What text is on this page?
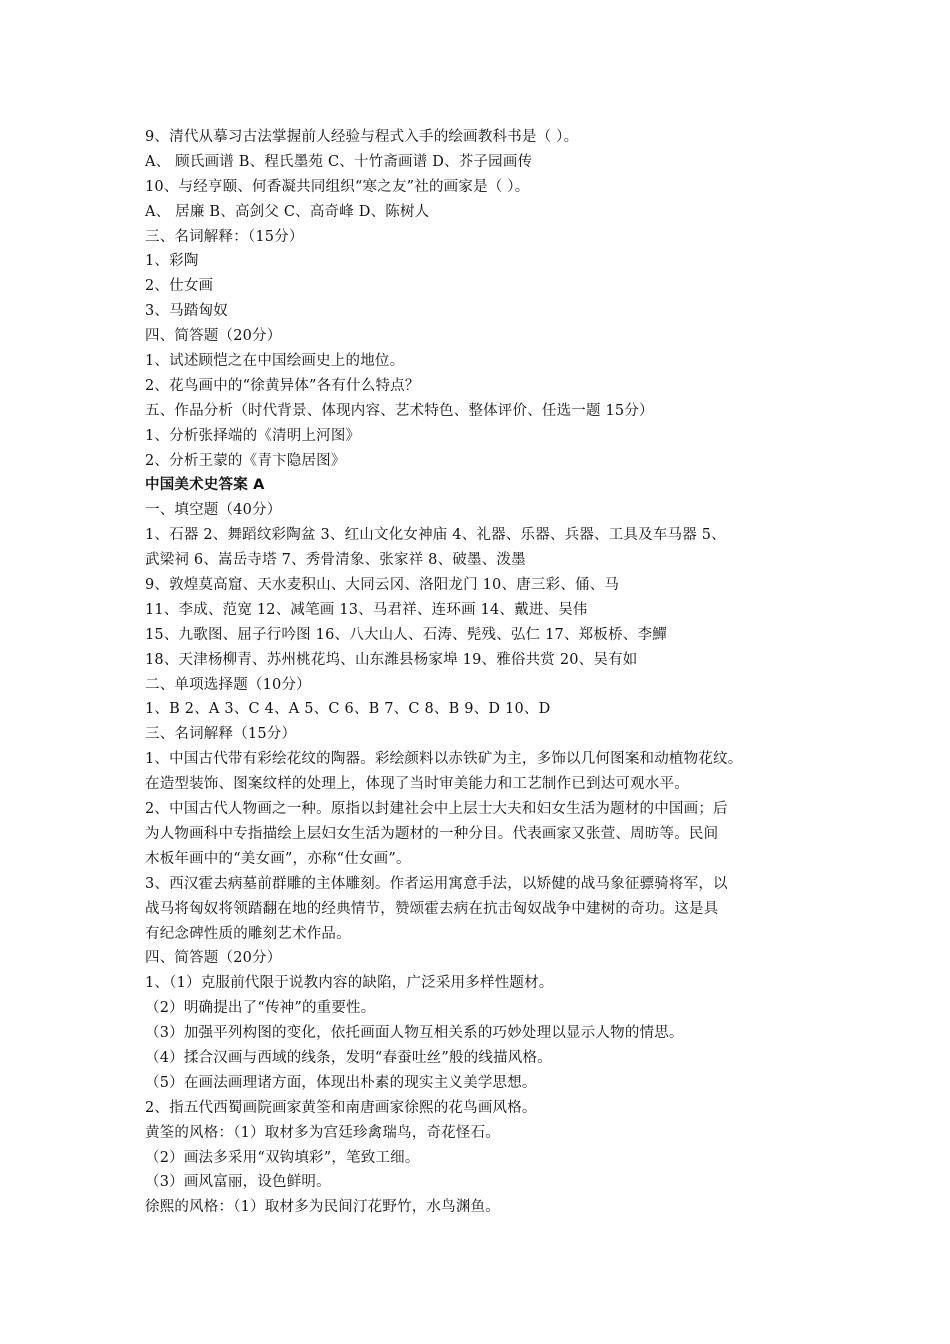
9、清代从摹习古法掌握前人经验与程式入手的绘画教科书是（ ）。
A、 顾氏画谱 B、程氏墨苑 C、十竹斋画谱 D、芥子园画传
10、与经亨颐、何香凝共同组织“寒之友”社的画家是（ ）。
A、 居廉 B、高剑父 C、高奇峰 D、陈树人
三、名词解释：（15分）
1、彩陶
2、仕女画
3、马踏匈奴
四、简答题（20分）
1、试述顾恺之在中国绘画史上的地位。
2、花鸟画中的“徐黄异体”各有什么特点？
五、作品分析（时代背景、体现内容、艺术特色、整体评价、任选一题 15分）
1、分析张择端的《清明上河图》
2、分析王蒙的《青卞隐居图》
中国美术史答案 A
一、填空题（40分）
1、石器 2、舞蹈纹彩陶盆 3、红山文化女神庙 4、礼器、乐器、兵器、工具及车马器 5、
武梁祠 6、嵩岳寺塔 7、秀骨清象、张家祥 8、破墨、泼墨
9、敦煌莫高窟、天水麦积山、大同云冈、洛阳龙门 10、唐三彩、俑、马
11、李成、范宽 12、减笔画 13、马君祥、连环画 14、戴进、吴伟
15、九歌图、屈子行吟图 16、八大山人、石涛、髡残、弘仁 17、郑板桥、李鱓
18、天津杨柳青、苏州桃花坞、山东潍县杨家埠 19、雅俗共赏 20、吴有如
二、单项选择题（10分）
1、B 2、A 3、C 4、A 5、C 6、B 7、C 8、B 9、D 10、D
三、名词解释（15分）
1、中国古代带有彩绘花纹的陶器。彩绘颜料以赤铁矿为主，多饰以几何图案和动植物花纹。
在造型装饰、图案纹样的处理上，体现了当时审美能力和工艺制作已到达可观水平。
2、中国古代人物画之一种。原指以封建社会中上层士大夫和妇女生活为题材的中国画；后
为人物画科中专指描绘上层妇女生活为题材的一种分目。代表画家又张萱、周昉等。民间
木板年画中的“美女画”，亦称“仕女画”。
3、西汉霍去病墓前群雕的主体雕刻。作者运用寓意手法，以矫健的战马象征骠骑将军，以
战马将匈奴将领踏翻在地的经典情节，赞颂霍去病在抗击匈奴战争中建树的奇功。这是具
有纪念碑性质的雕刻艺术作品。
四、简答题（20分）
1、（1）克服前代限于说教内容的缺陷，广泛采用多样性题材。
（2）明确提出了“传神”的重要性。
（3）加强平列构图的变化，依托画面人物互相关系的巧妙处理以显示人物的情思。
（4）揉合汉画与西域的线条，发明“春蚕吐丝”般的线描风格。
（5）在画法画理诸方面，体现出朴素的现实主义美学思想。
2、指五代西蜀画院画家黄筌和南唐画家徐熙的花鸟画风格。
黄筌的风格：（1）取材多为宫廷珍禽瑞鸟，奇花怪石。
（2）画法多采用“双钩填彩”，笔致工细。
（3）画风富丽，设色鲜明。
徐熙的风格：（1）取材多为民间汀花野竹，水鸟渊鱼。
